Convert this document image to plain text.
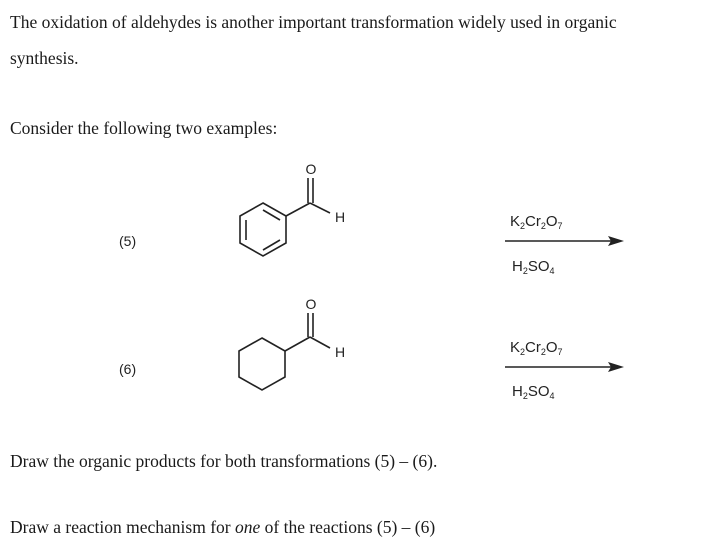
The oxidation of aldehydes is another important transformation widely used in organic
synthesis.
Consider the following two examples:
(5)
(6)
O
H
O
H
$K_2Cr_2O_7$
$H_2SO_4$
$K_2Cr_2O_7$
$H_2SO_4$
Draw the organic products for both transformations (5) – (6).
Draw a reaction mechanism for one of the reactions (5) – (6)
